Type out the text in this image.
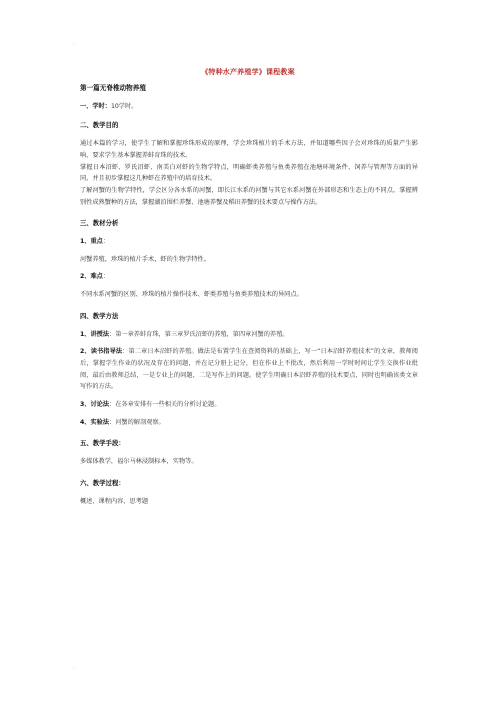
.
.
《特种水产养殖学》课程教案
第一篇无脊椎动物养殖
一、学时：10学时。
二、教学目的
通过本篇的学习，使学生了解和掌握珍珠形成的原理，学会珍珠植片的手术方法，并知道哪些因子会对珍珠的质量产生影响，要求学生基本掌握养蚌育珠的技术。
掌握日本沼虾、罗氏沼虾、南美白对虾的生物学特点，明确虾类养殖与鱼类养殖在池塘环境条件、饲养与管理等方面的异同，并且初步掌握这几种虾在养殖中的培育技术。
了解河蟹的生物学特性，学会区分各水系的河蟹，即长江水系的河蟹与其它水系河蟹在外部形态和生态上的不同点，掌握辨别性成熟蟹种的方法，掌握湖泊围栏养蟹、池塘养蟹及稻田养蟹的技术要点与操作方法。
三、教材分析
1、重点：
河蟹养殖，珍珠的植片手术，虾的生物学特性。
2、难点：
不同水系河蟹的区别、珍珠的植片操作技术、虾类养殖与鱼类养殖技术的异同点。
四、教学方法
1、讲授法：第一章养蚌育珠，第三章罗氏沼虾的养殖，第四章河蟹的养殖。
2、读书指导法：第二章日本沼虾的养殖。做法是布置学生在查阅资料的基础上，写一“日本沼虾养殖技术”的文章，教师阅后，掌握学生作业的状况及存在的问题，并在记分册上记分，但在作业上不批改，然后利用一学时时间让学生交换作业批阅，最后由教师总结，一是专业上的问题，二是写作上的问题。使学生明确日本沼虾养殖的技术要点，同时也明确该类文章写作的方法。
3、讨论法：在各章安排有一些相关的分析讨论题。
4、实验法：河蟹的解剖观察。
五、教学手段：
多媒体教学，福尔马林浸制标本，实物等。
六、教学过程：
概述、课程内容、思考题
